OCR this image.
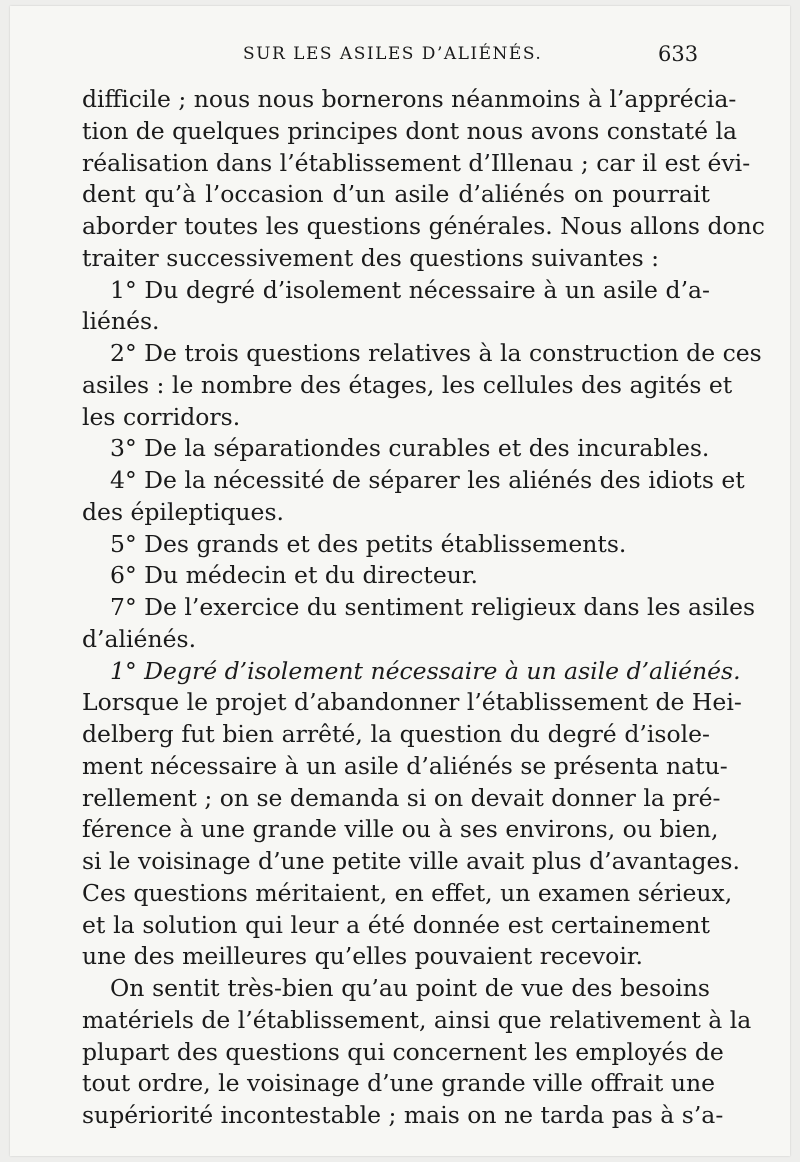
SUR LES ASILES D’ALIÉNÉS.	633
difficile ; nous nous bornerons néanmoins à l’apprécia-
tion de quelques principes dont nous avons constaté la
réalisation dans l’établissement d’Illenau ; car il est évi-
dent qu’à l’occasion d’un asile d’aliénés on pourrait
aborder toutes les questions générales. Nous allons donc
traiter successivement des questions suivantes :
1° Du degré d’isolement nécessaire à un asile d’a-
liénés.
2° De trois questions relatives à la construction de ces
asiles : le nombre des étages, les cellules des agités et
les corridors.
3° De la séparationdes curables et des incurables.
4° De la nécessité de séparer les aliénés des idiots et
des épileptiques.
5° Des grands et des petits établissements.
6° Du médecin et du directeur.
7° De l’exercice du sentiment religieux dans les asiles
d’aliénés.
1° Degré d’isolement nécessaire à un asile d’aliénés.
Lorsque le projet d’abandonner l’établissement de Hei-
delberg fut bien arrêté, la question du degré d’isole-
ment nécessaire à un asile d’aliénés se présenta natu-
rellement ; on se demanda si on devait donner la pré-
férence à une grande ville ou à ses environs, ou bien,
si le voisinage d’une petite ville avait plus d’avantages.
Ces questions méritaient, en effet, un examen sérieux,
et la solution qui leur a été donnée est certainement
une des meilleures qu’elles pouvaient recevoir.
On sentit très-bien qu’au point de vue des besoins
matériels de l’établissement, ainsi que relativement à la
plupart des questions qui concernent les employés de
tout ordre, le voisinage d’une grande ville offrait une
supériorité incontestable ; mais on ne tarda pas à s’a-
